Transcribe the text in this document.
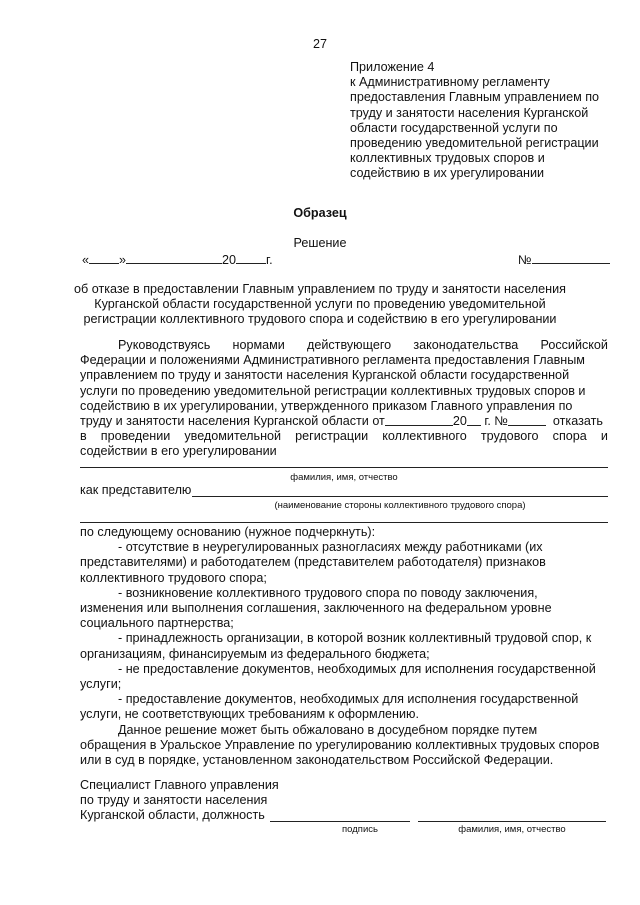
27
Приложение 4
к Административному регламенту
предоставления Главным управлением по
труду и занятости населения Курганской
области государственной услуги по
проведению уведомительной регистрации
коллективных трудовых споров и
содействию в их урегулировании
Образец
Решение
« »	20 г.	№
об отказе в предоставлении Главным управлением по труду и занятости населения
Курганской области государственной услуги по проведению уведомительной
регистрации коллективного трудового спора и содействию в его урегулировании
Руководствуясь нормами действующего законодательства Российской
Федерации и положениями Административного регламента предоставления Главным
управлением по труду и занятости населения Курганской области государственной
услуги по проведению уведомительной регистрации коллективных трудовых споров и
содействию в их урегулировании, утвержденного приказом Главного управления по
труду и занятости населения Курганской области от	20
г. №
	отказать
в проведении уведомительной регистрации коллективного трудового спора и
содействии в его урегулировании
фамилия, имя, отчество
как представителю
(наименование стороны коллективного трудового спора)
по следующему основанию (нужное подчеркнуть):
- отсутствие в неурегулированных разногласиях между работниками (их
представителями) и работодателем (представителем работодателя) признаков
коллективного трудового спора;
- возникновение коллективного трудового спора по поводу заключения,
изменения или выполнения соглашения, заключенного на федеральном уровне
социального партнерства;
- принадлежность организации, в которой возник коллективный трудовой спор, к
организациям, финансируемым из федерального бюджета;
- не предоставление документов, необходимых для исполнения государственной
услуги;
- предоставление документов, необходимых для исполнения государственной
услуги, не соответствующих требованиям к оформлению.
Данное решение может быть обжаловано в досудебном порядке путем
обращения в Уральское Управление по урегулированию коллективных трудовых споров
или в суд в порядке, установленном законодательством Российской Федерации.
Специалист Главного управления
по труду и занятости населения
Курганской области, должность
подпись	фамилия, имя, отчество
